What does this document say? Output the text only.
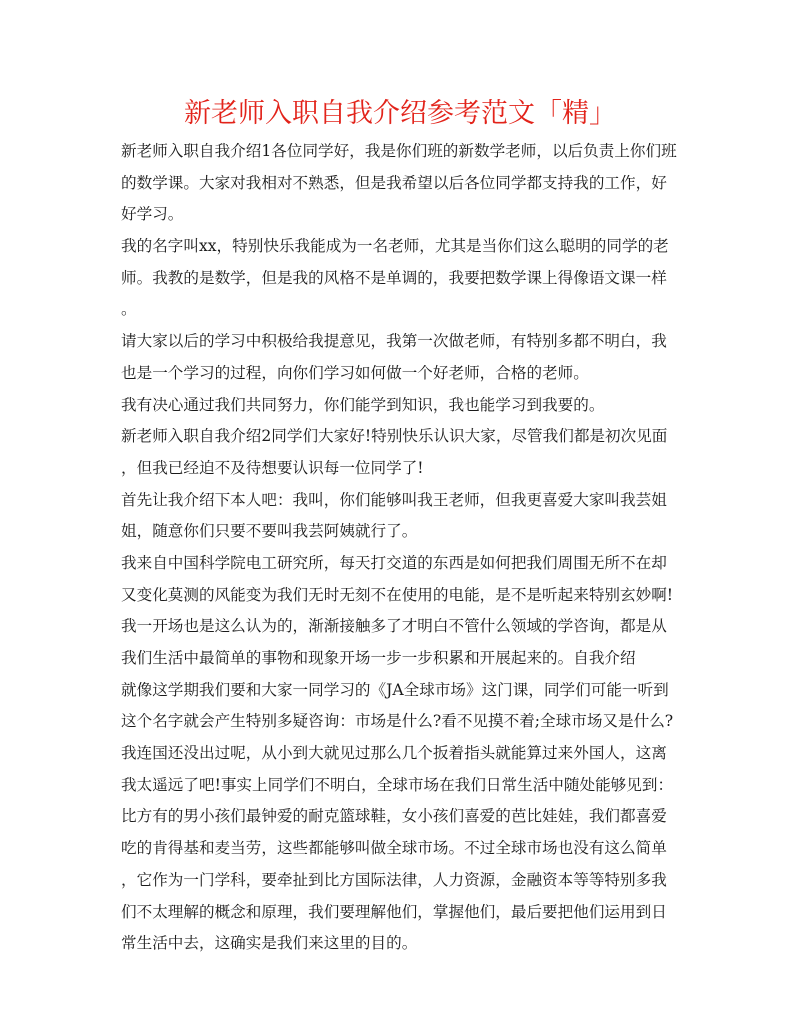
新老师入职自我介绍参考范文「精」
新老师入职自我介绍1各位同学好，我是你们班的新数学老师，以后负责上你们班
的数学课。大家对我相对不熟悉，但是我希望以后各位同学都支持我的工作，好
好学习。
我的名字叫xx，特别快乐我能成为一名老师，尤其是当你们这么聪明的同学的老
师。我教的是数学，但是我的风格不是单调的，我要把数学课上得像语文课一样
。
请大家以后的学习中积极给我提意见，我第一次做老师，有特别多都不明白，我
也是一个学习的过程，向你们学习如何做一个好老师，合格的老师。
我有决心通过我们共同努力，你们能学到知识，我也能学习到我要的。
新老师入职自我介绍2同学们大家好!特别快乐认识大家，尽管我们都是初次见面
，但我已经迫不及待想要认识每一位同学了!
首先让我介绍下本人吧：我叫，你们能够叫我王老师，但我更喜爱大家叫我芸姐
姐，随意你们只要不要叫我芸阿姨就行了。
我来自中国科学院电工研究所，每天打交道的东西是如何把我们周围无所不在却
又变化莫测的风能变为我们无时无刻不在使用的电能，是不是听起来特别玄妙啊!
我一开场也是这么认为的，渐渐接触多了才明白不管什么领域的学咨询，都是从
我们生活中最简单的事物和现象开场一步一步积累和开展起来的。自我介绍
就像这学期我们要和大家一同学习的《JA全球市场》这门课，同学们可能一听到
这个名字就会产生特别多疑咨询：市场是什么?看不见摸不着;全球市场又是什么?
我连国还没出过呢，从小到大就见过那么几个扳着指头就能算过来外国人，这离
我太遥远了吧!事实上同学们不明白，全球市场在我们日常生活中随处能够见到：
比方有的男小孩们最钟爱的耐克篮球鞋，女小孩们喜爱的芭比娃娃，我们都喜爱
吃的肯得基和麦当劳，这些都能够叫做全球市场。不过全球市场也没有这么简单
，它作为一门学科，要牵扯到比方国际法律，人力资源，金融资本等等特别多我
们不太理解的概念和原理，我们要理解他们，掌握他们，最后要把他们运用到日
常生活中去，这确实是我们来这里的目的。
